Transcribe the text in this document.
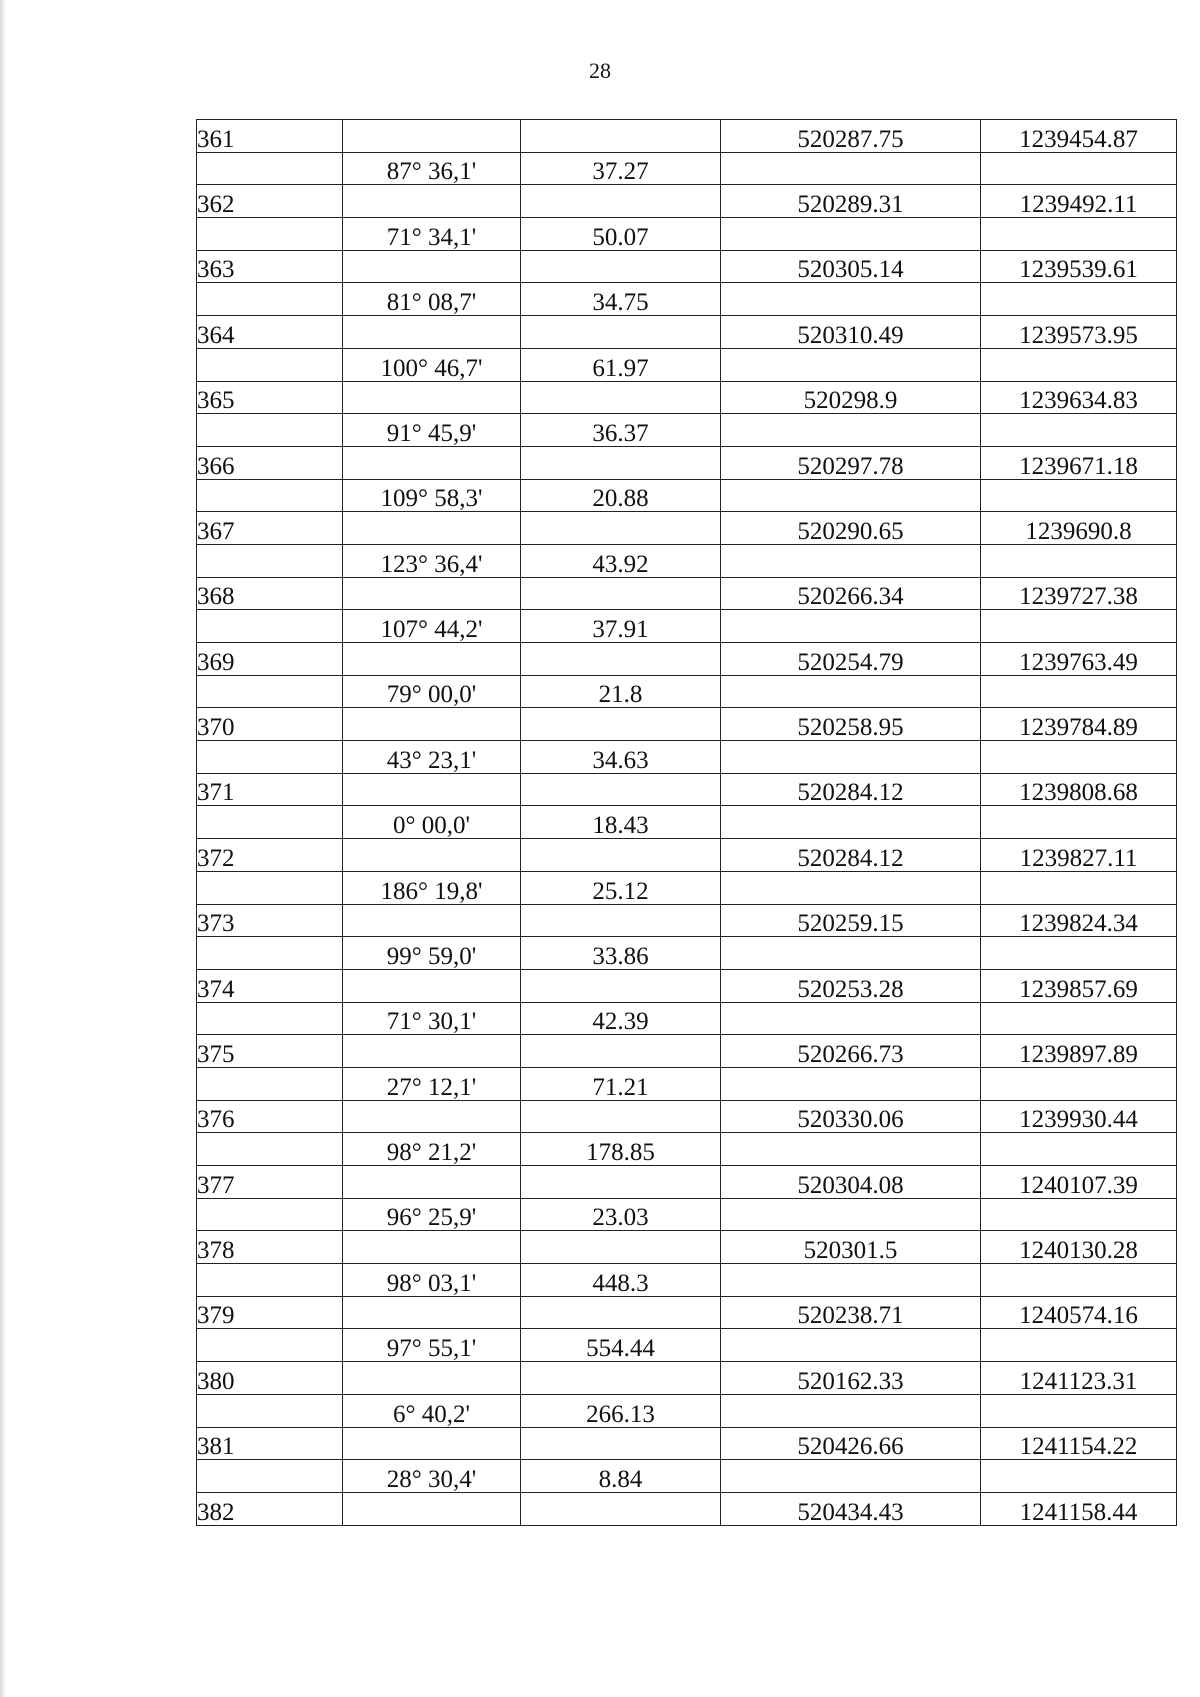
28
361			520287.75	1239454.87
	87° 36,1'	37.27		
362			520289.31	1239492.11
	71° 34,1'	50.07		
363			520305.14	1239539.61
	81° 08,7'	34.75		
364			520310.49	1239573.95
	100° 46,7'	61.97		
365			520298.9	1239634.83
	91° 45,9'	36.37		
366			520297.78	1239671.18
	109° 58,3'	20.88		
367			520290.65	1239690.8
	123° 36,4'	43.92		
368			520266.34	1239727.38
	107° 44,2'	37.91		
369			520254.79	1239763.49
	79° 00,0'	21.8		
370			520258.95	1239784.89
	43° 23,1'	34.63		
371			520284.12	1239808.68
	0° 00,0'	18.43		
372			520284.12	1239827.11
	186° 19,8'	25.12		
373			520259.15	1239824.34
	99° 59,0'	33.86		
374			520253.28	1239857.69
	71° 30,1'	42.39		
375			520266.73	1239897.89
	27° 12,1'	71.21		
376			520330.06	1239930.44
	98° 21,2'	178.85		
377			520304.08	1240107.39
	96° 25,9'	23.03		
378			520301.5	1240130.28
	98° 03,1'	448.3		
379			520238.71	1240574.16
	97° 55,1'	554.44		
380			520162.33	1241123.31
	6° 40,2'	266.13		
381			520426.66	1241154.22
	28° 30,4'	8.84		
382			520434.43	1241158.44
